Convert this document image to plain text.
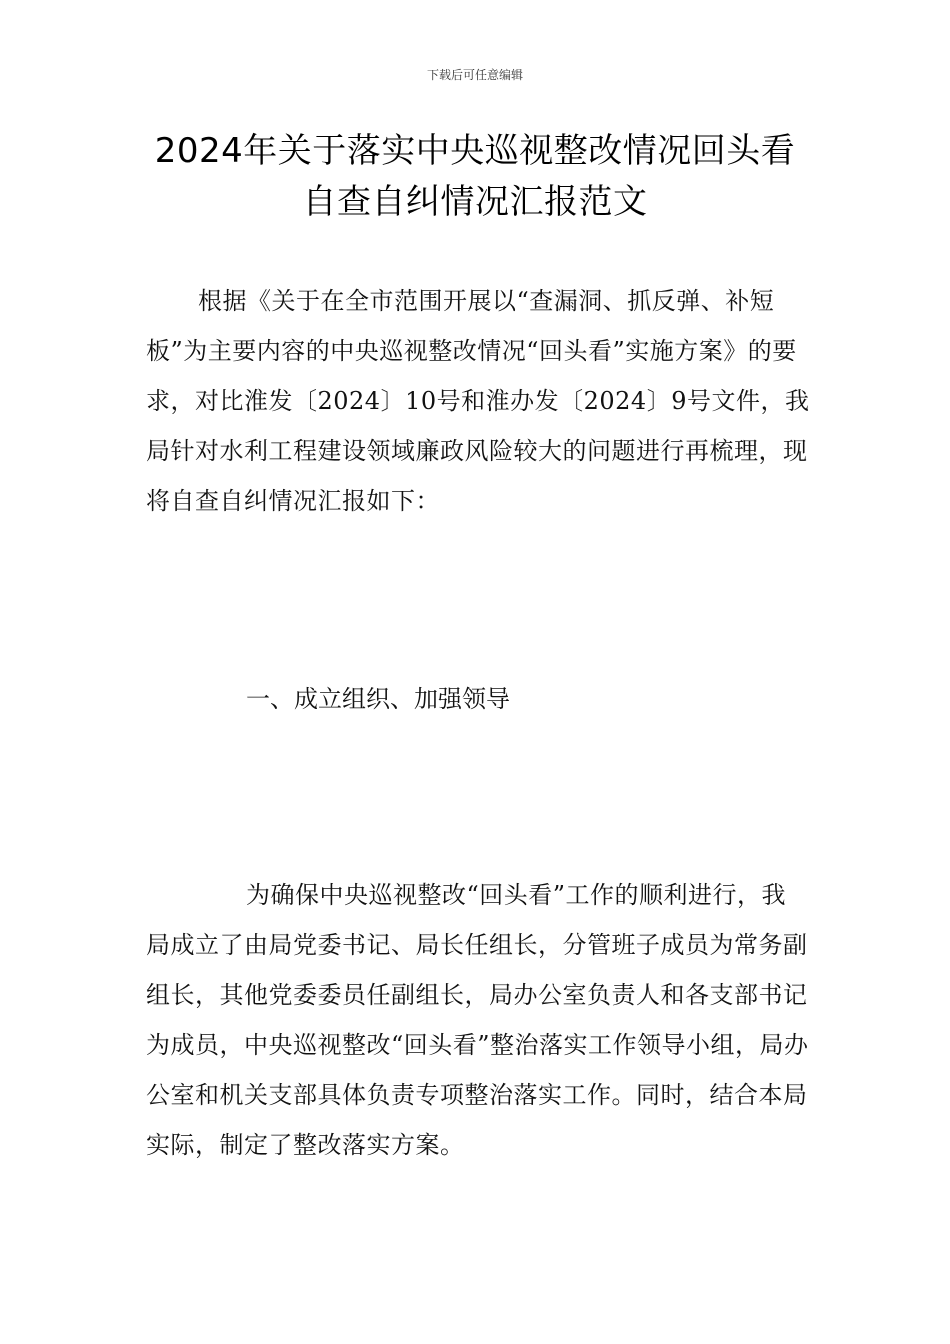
下载后可任意编辑
2024年关于落实中央巡视整改情况回头看
自查自纠情况汇报范文

根据《关于在全市范围开展以“查漏洞、抓反弹、补短板”为主要内容的中央巡视整改情况“回头看”实施方案》的要求，对比淮发〔2024〕10号和淮办发〔2024〕9号文件，我局针对水利工程建设领域廉政风险较大的问题进行再梳理，现将自查自纠情况汇报如下：

一、成立组织、加强领导

为确保中央巡视整改“回头看”工作的顺利进行，我局成立了由局党委书记、局长任组长，分管班子成员为常务副组长，其他党委委员任副组长，局办公室负责人和各支部书记为成员，中央巡视整改“回头看”整治落实工作领导小组，局办公室和机关支部具体负责专项整治落实工作。同时，结合本局实际，制定了整改落实方案。
